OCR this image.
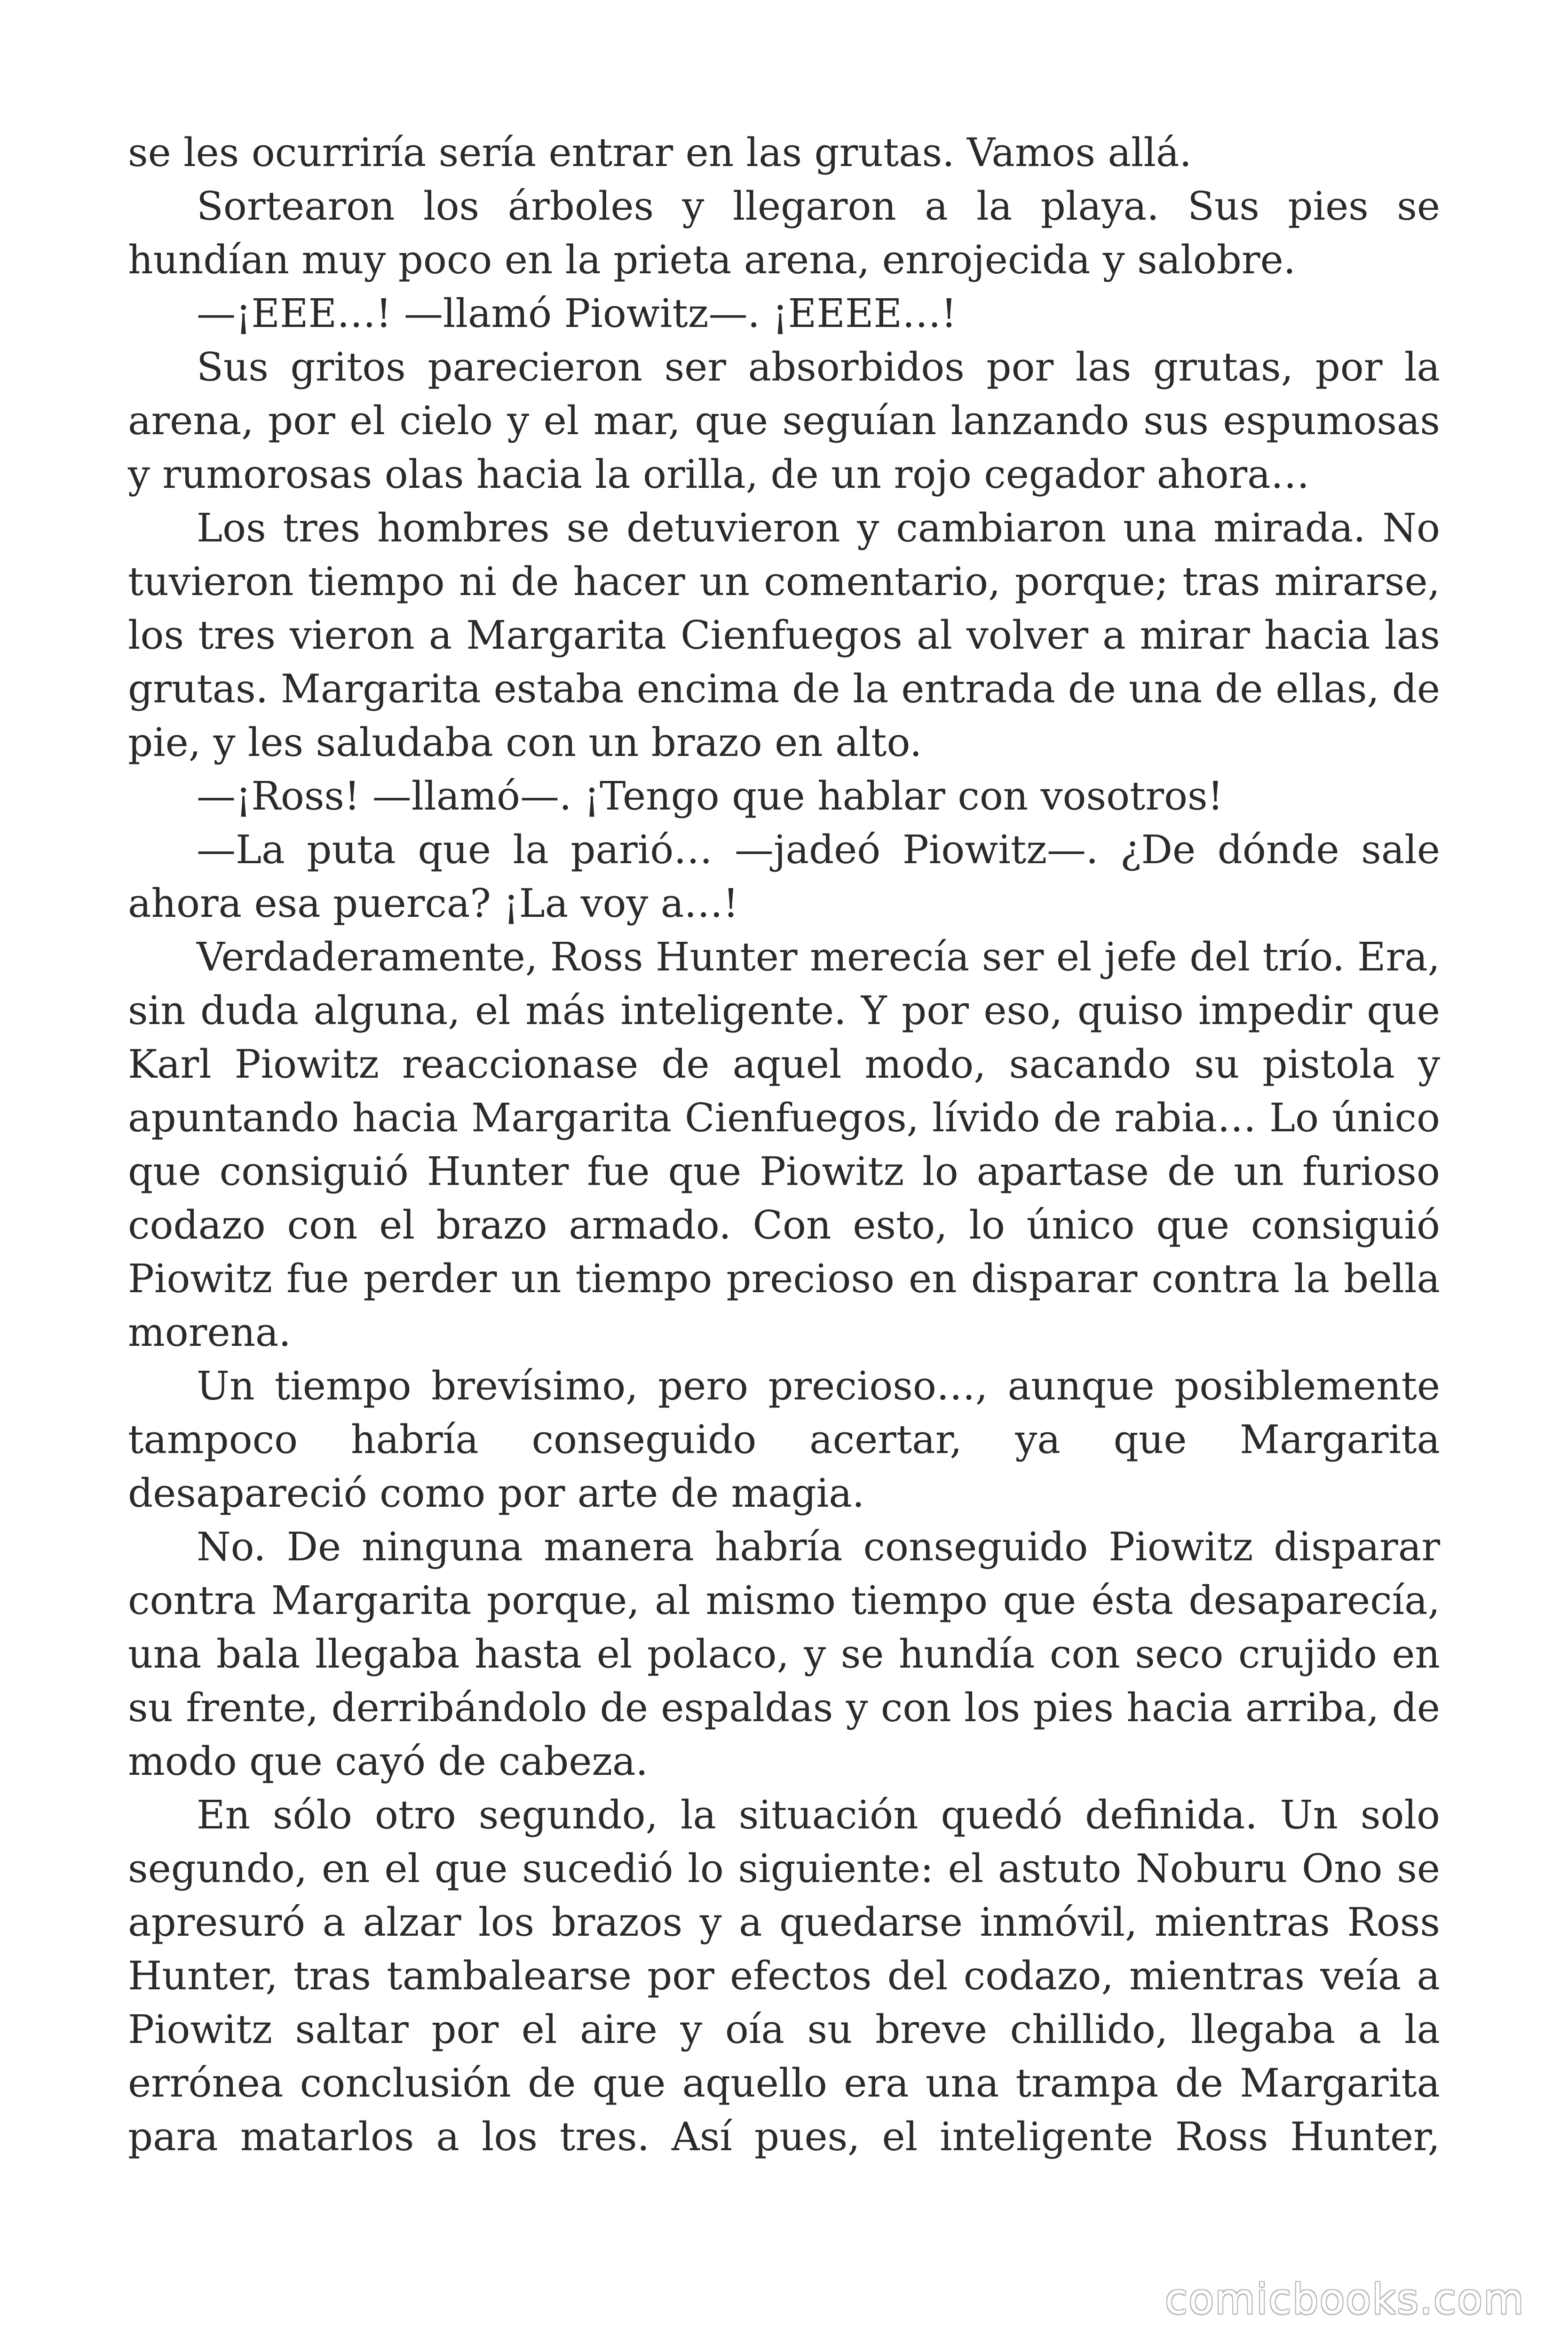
se les ocurriría sería entrar en las grutas. Vamos allá.

Sortearon los árboles y llegaron a la playa. Sus pies se hundían muy poco en la prieta arena, enrojecida y salobre.

—¡EEE…! —llamó Piowitz—. ¡EEEE…!

Sus gritos parecieron ser absorbidos por las grutas, por la arena, por el cielo y el mar, que seguían lanzando sus espumosas y rumorosas olas hacia la orilla, de un rojo cegador ahora…

Los tres hombres se detuvieron y cambiaron una mirada. No tuvieron tiempo ni de hacer un comentario, porque; tras mirarse, los tres vieron a Margarita Cienfuegos al volver a mirar hacia las grutas. Margarita estaba encima de la entrada de una de ellas, de pie, y les saludaba con un brazo en alto.

—¡Ross! —llamó—. ¡Tengo que hablar con vosotros!

—La puta que la parió… —jadeó Piowitz—. ¿De dónde sale ahora esa puerca? ¡La voy a…!

Verdaderamente, Ross Hunter merecía ser el jefe del trío. Era, sin duda alguna, el más inteligente. Y por eso, quiso impedir que Karl Piowitz reaccionase de aquel modo, sacando su pistola y apuntando hacia Margarita Cienfuegos, lívido de rabia… Lo único que consiguió Hunter fue que Piowitz lo apartase de un furioso codazo con el brazo armado. Con esto, lo único que consiguió Piowitz fue perder un tiempo precioso en disparar contra la bella morena.

Un tiempo brevísimo, pero precioso…, aunque posiblemente tampoco habría conseguido acertar, ya que Margarita desapareció como por arte de magia.

No. De ninguna manera habría conseguido Piowitz disparar contra Margarita porque, al mismo tiempo que ésta desaparecía, una bala llegaba hasta el polaco, y se hundía con seco crujido en su frente, derribándolo de espaldas y con los pies hacia arriba, de modo que cayó de cabeza.

En sólo otro segundo, la situación quedó definida. Un solo segundo, en el que sucedió lo siguiente: el astuto Noburu Ono se apresuró a alzar los brazos y a quedarse inmóvil, mientras Ross Hunter, tras tambalearse por efectos del codazo, mientras veía a Piowitz saltar por el aire y oía su breve chillido, llegaba a la errónea conclusión de que aquello era una trampa de Margarita para matarlos a los tres. Así pues, el inteligente Ross Hunter,

comicbooks.com
